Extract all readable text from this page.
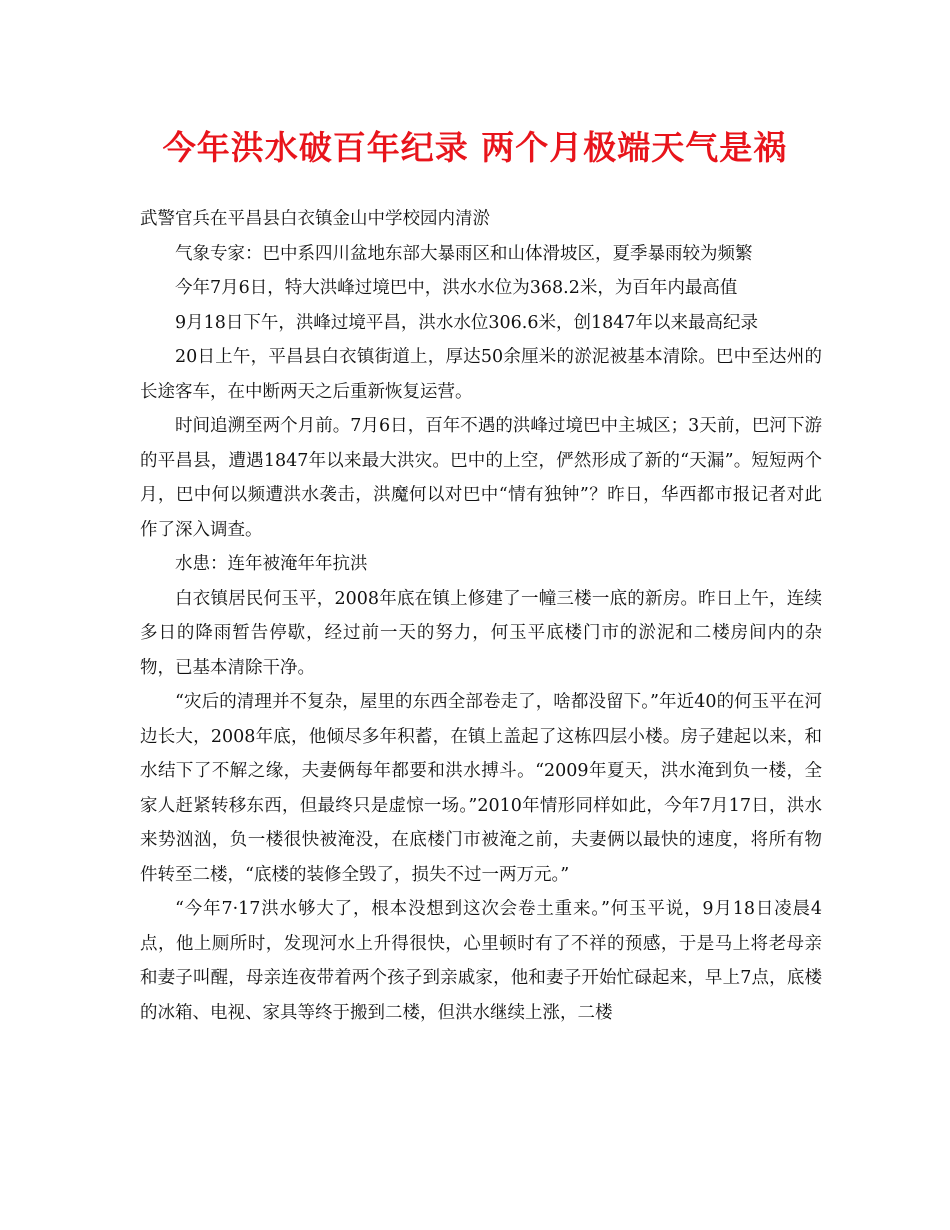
今年洪水破百年纪录 两个月极端天气是祸

武警官兵在平昌县白衣镇金山中学校园内清淤

气象专家：巴中系四川盆地东部大暴雨区和山体滑坡区，夏季暴雨较为频繁

今年7月6日，特大洪峰过境巴中，洪水水位为368.2米，为百年内最高值

9月18日下午，洪峰过境平昌，洪水水位306.6米，创1847年以来最高纪录

20日上午，平昌县白衣镇街道上，厚达50余厘米的淤泥被基本清除。巴中至达州的长途客车，在中断两天之后重新恢复运营。

时间追溯至两个月前。7月6日，百年不遇的洪峰过境巴中主城区；3天前，巴河下游的平昌县，遭遇1847年以来最大洪灾。巴中的上空，俨然形成了新的“天漏”。短短两个月，巴中何以频遭洪水袭击，洪魔何以对巴中“情有独钟”？昨日，华西都市报记者对此作了深入调查。

水患：连年被淹年年抗洪

白衣镇居民何玉平，2008年底在镇上修建了一幢三楼一底的新房。昨日上午，连续多日的降雨暂告停歇，经过前一天的努力，何玉平底楼门市的淤泥和二楼房间内的杂物，已基本清除干净。

“灾后的清理并不复杂，屋里的东西全部卷走了，啥都没留下。”年近40的何玉平在河边长大，2008年底，他倾尽多年积蓄，在镇上盖起了这栋四层小楼。房子建起以来，和水结下了不解之缘，夫妻俩每年都要和洪水搏斗。“2009年夏天，洪水淹到负一楼，全家人赶紧转移东西，但最终只是虚惊一场。”2010年情形同样如此，今年7月17日，洪水来势汹汹，负一楼很快被淹没，在底楼门市被淹之前，夫妻俩以最快的速度，将所有物件转至二楼，“底楼的装修全毁了，损失不过一两万元。”

“今年7·17洪水够大了，根本没想到这次会卷土重来。”何玉平说，9月18日凌晨4点，他上厕所时，发现河水上升得很快，心里顿时有了不祥的预感，于是马上将老母亲和妻子叫醒，母亲连夜带着两个孩子到亲戚家，他和妻子开始忙碌起来，早上7点，底楼的冰箱、电视、家具等终于搬到二楼，但洪水继续上涨，二楼
